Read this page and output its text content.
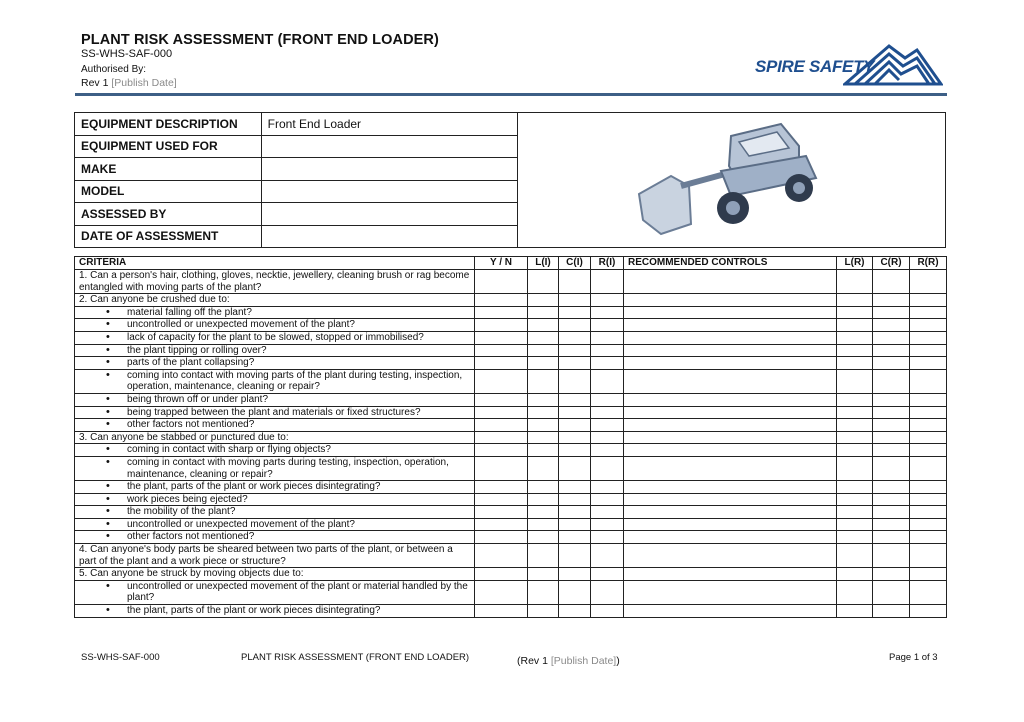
PLANT RISK ASSESSMENT (FRONT END LOADER)
SS-WHS-SAF-000
Authorised By:
Rev 1 [Publish Date]
SPIRE SAFETY
EQUIPMENT DESCRIPTION	Front End Loader	
EQUIPMENT USED FOR		
MAKE		
MODEL		
ASSESSED BY		
DATE OF ASSESSMENT		
CRITERIA	Y / N	L(I)	C(I)	R(I)	RECOMMENDED CONTROLS	L(R)	C(R)	R(R)
1. Can a person's hair, clothing, gloves, necktie, jewellery, cleaning brush or rag become entangled with moving parts of the plant?								
2. Can anyone be crushed due to:								
• material falling off the plant?								
• uncontrolled or unexpected movement of the plant?								
• lack of capacity for the plant to be slowed, stopped or immobilised?								
• the plant tipping or rolling over?								
• parts of the plant collapsing?								
• coming into contact with moving parts of the plant during testing, inspection, operation, maintenance, cleaning or repair?								
• being thrown off or under plant?								
• being trapped between the plant and materials or fixed structures?								
• other factors not mentioned?								
3. Can anyone be stabbed or punctured due to:								
• coming in contact with sharp or flying objects?								
• coming in contact with moving parts during testing, inspection, operation, maintenance, cleaning or repair?								
• the plant, parts of the plant or work pieces disintegrating?								
• work pieces being ejected?								
• the mobility of the plant?								
• uncontrolled or unexpected movement of the plant?								
• other factors not mentioned?								
4. Can anyone's body parts be sheared between two parts of the plant, or between a part of the plant and a work piece or structure?								
5. Can anyone be struck by moving objects due to:								
• uncontrolled or unexpected movement of the plant or material handled by the plant?								
• the plant, parts of the plant or work pieces disintegrating?								
SS-WHS-SAF-000	PLANT RISK ASSESSMENT (FRONT END LOADER)	(Rev 1 [Publish Date])	Page 1 of 3
